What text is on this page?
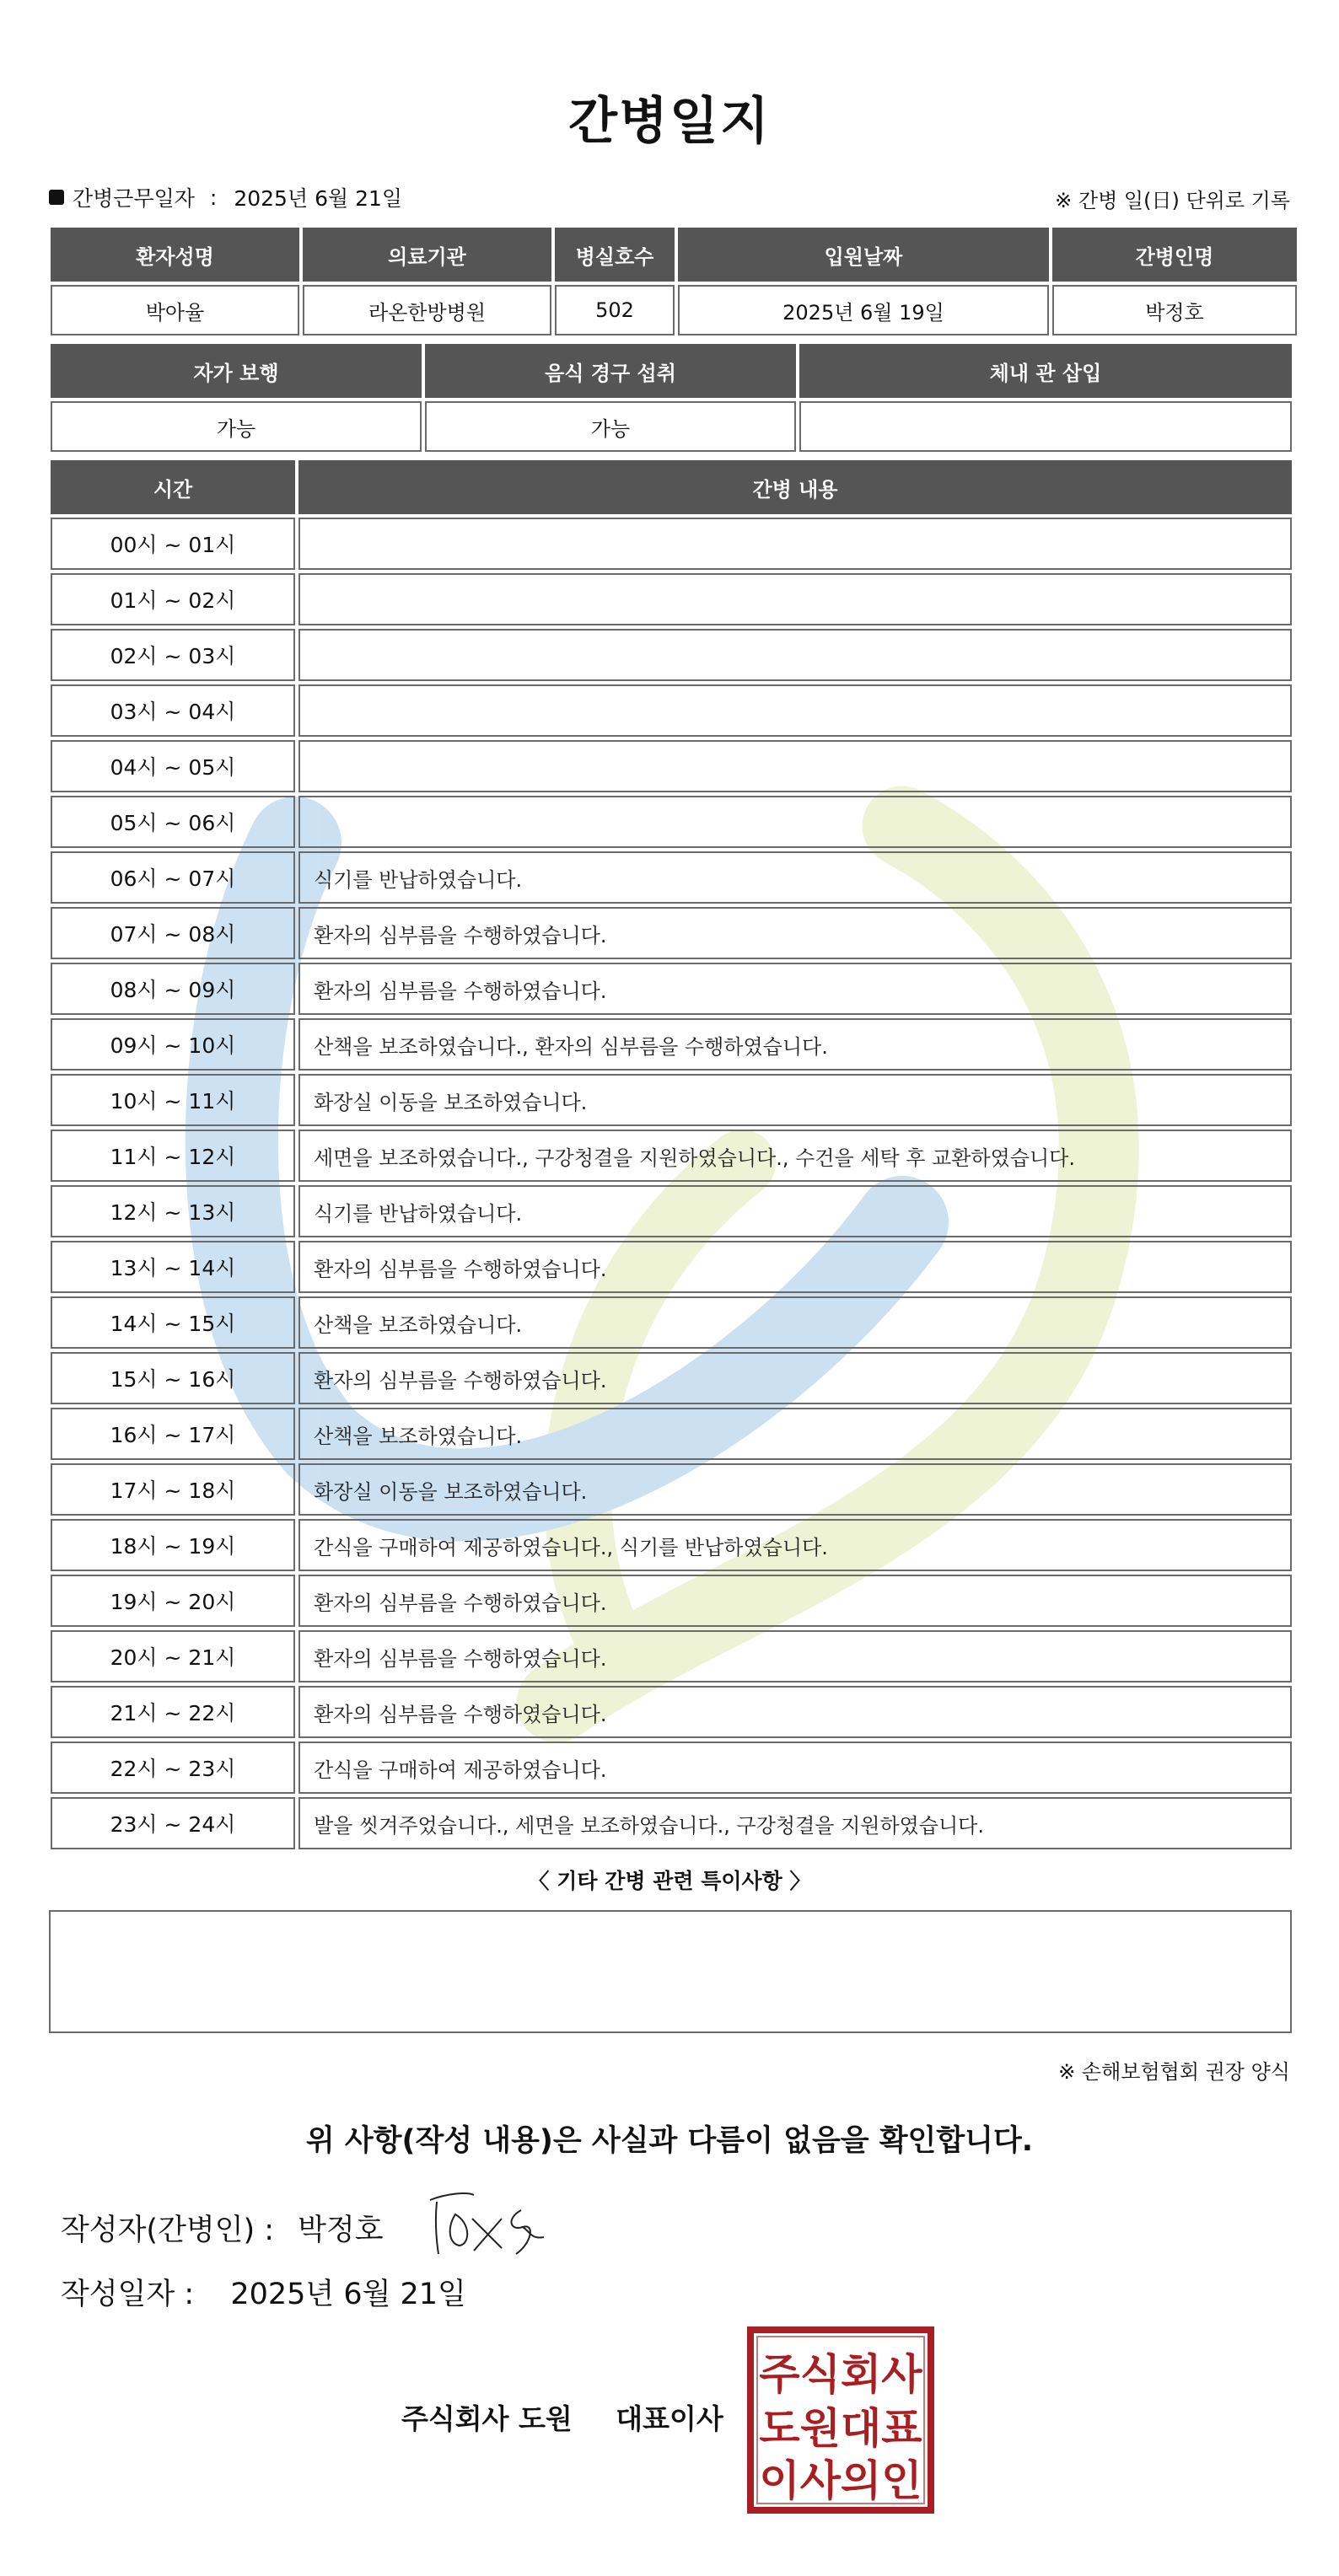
간병일지
간병근무일자 : 2025년 6월 21일	※ 간병 일(日) 단위로 기록
환자성명	의료기관	병실호수	입원날짜	간병인명
박아율	라온한방병원	502	2025년 6월 19일	박정호
자가 보행	음식 경구 섭취	체내 관 삽입
가능	가능	
시간	간병 내용
00시 ~ 01시	
01시 ~ 02시	
02시 ~ 03시	
03시 ~ 04시	
04시 ~ 05시	
05시 ~ 06시	
06시 ~ 07시	식기를 반납하였습니다.
07시 ~ 08시	환자의 심부름을 수행하였습니다.
08시 ~ 09시	환자의 심부름을 수행하였습니다.
09시 ~ 10시	산책을 보조하였습니다., 환자의 심부름을 수행하였습니다.
10시 ~ 11시	화장실 이동을 보조하였습니다.
11시 ~ 12시	세면을 보조하였습니다., 구강청결을 지원하였습니다., 수건을 세탁 후 교환하였습니다.
12시 ~ 13시	식기를 반납하였습니다.
13시 ~ 14시	환자의 심부름을 수행하였습니다.
14시 ~ 15시	산책을 보조하였습니다.
15시 ~ 16시	환자의 심부름을 수행하였습니다.
16시 ~ 17시	산책을 보조하였습니다.
17시 ~ 18시	화장실 이동을 보조하였습니다.
18시 ~ 19시	간식을 구매하여 제공하였습니다., 식기를 반납하였습니다.
19시 ~ 20시	환자의 심부름을 수행하였습니다.
20시 ~ 21시	환자의 심부름을 수행하였습니다.
21시 ~ 22시	환자의 심부름을 수행하였습니다.
22시 ~ 23시	간식을 구매하여 제공하였습니다.
23시 ~ 24시	발을 씻겨주었습니다., 세면을 보조하였습니다., 구강청결을 지원하였습니다.
〈 기타 간병 관련 특이사항 〉
※ 손해보험협회 권장 양식
위 사항(작성 내용)은 사실과 다름이 없음을 확인합니다.
작성자(간병인) : 박정호
작성일자 : 2025년 6월 21일
주식회사 도원 대표이사
주식회사
도원대표
이사의인
